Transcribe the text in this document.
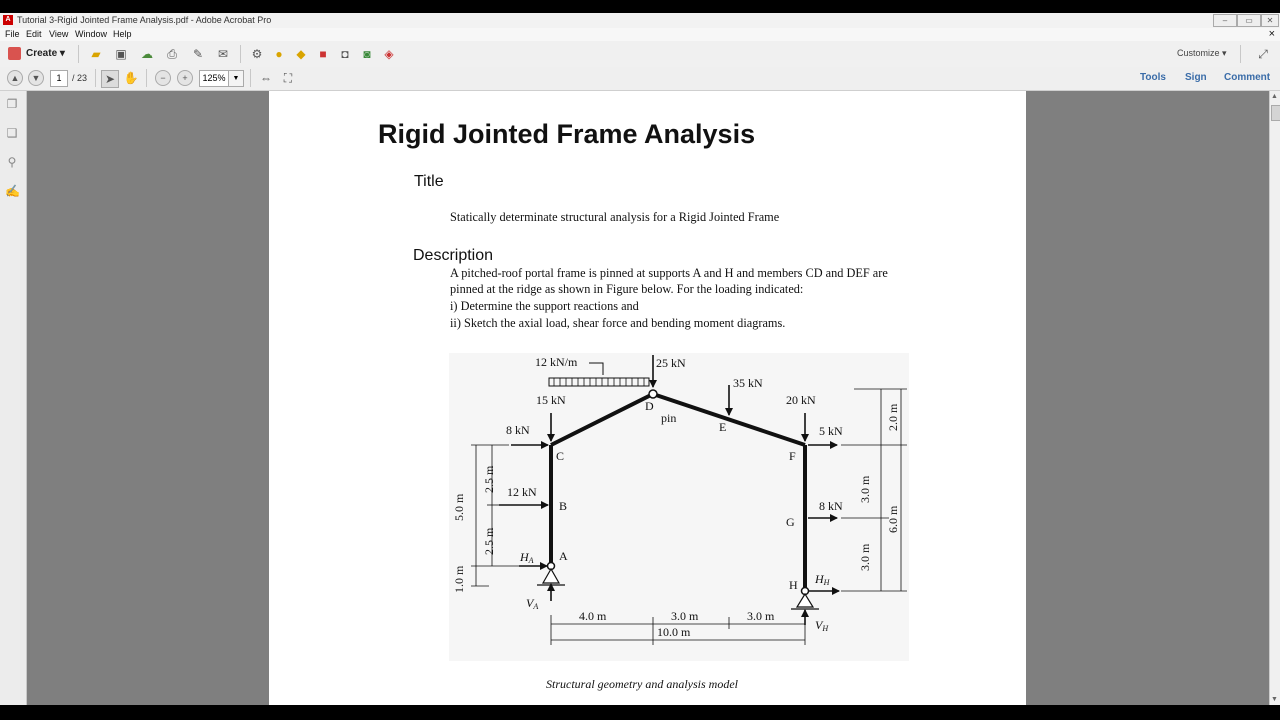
A Tutorial 3-Rigid Jointed Frame Analysis.pdf - Adobe Acrobat Pro	–	▭	✕
File Edit View Window Help	×
Create ▾ ▰ ▣ ☁ ⎙ ✎ ✉ ⚙	●	◆	■	◘	◙	◈	Customize ▾	⤢
▲	▼	1	/ 23	➤ ✋	−	+	125%	▼	⇔ ⛶	Tools Sign Comment
❐
❑
⚲
✍
Rigid Jointed Frame Analysis
Title
Statically determinate structural analysis for a Rigid Jointed Frame
Description
A pitched-roof portal frame is pinned at supports A and H and members CD and DEF are
pinned at the ridge as shown in Figure below. For the loading indicated:
i) Determine the support reactions and
ii) Sketch the axial load, shear force and bending moment diagrams.
12 kN/m	25 kN
35 kN
15 kN	20 kN
8 kN	5 kN
12 kN
8 kN
D
pin
E
C
B
A
F
G
H
HA
VA
HH
VH
4.0 m	3.0 m	3.0 m
10.0 m
5.0 m
2.5 m
2.5 m
1.0 m
2.0 m
3.0 m
6.0 m
3.0 m
Structural geometry and analysis model
▲
▼
